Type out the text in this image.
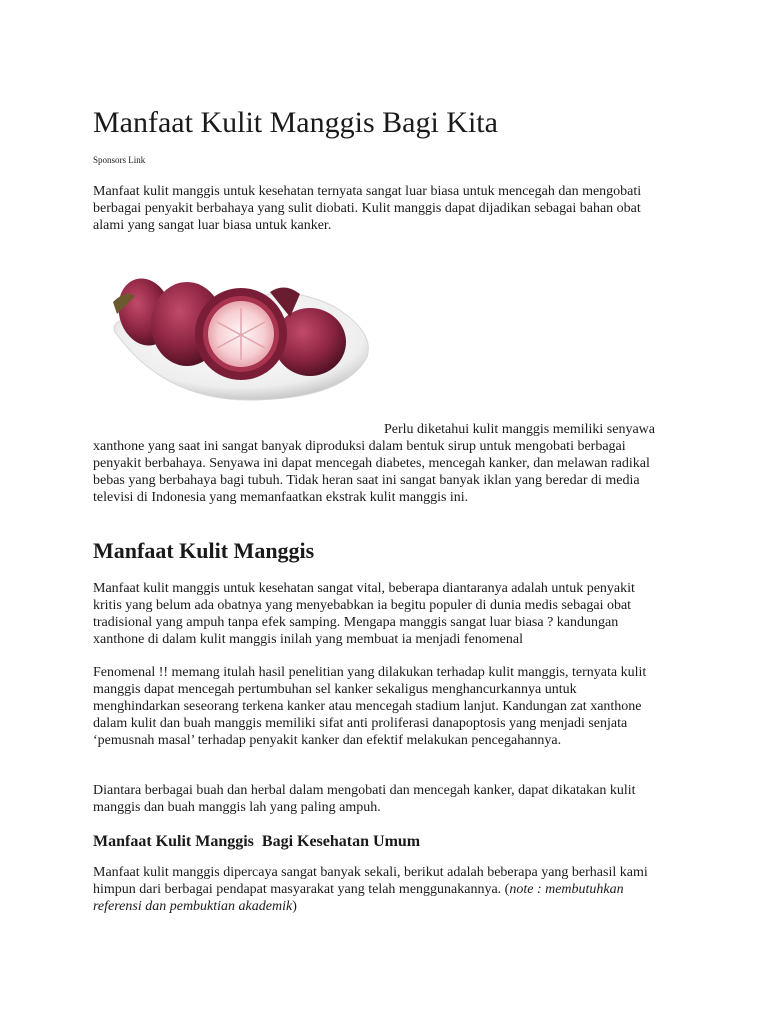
Manfaat Kulit Manggis Bagi Kita
Sponsors Link

Manfaat kulit manggis untuk kesehatan ternyata sangat luar biasa untuk mencegah dan mengobati berbagai penyakit berbahaya yang sulit diobati. Kulit manggis dapat dijadikan sebagai bahan obat alami yang sangat luar biasa untuk kanker.

Perlu diketahui kulit manggis memiliki senyawa xanthone yang saat ini sangat banyak diproduksi dalam bentuk sirup untuk mengobati berbagai penyakit berbahaya. Senyawa ini dapat mencegah diabetes, mencegah kanker, dan melawan radikal bebas yang berbahaya bagi tubuh. Tidak heran saat ini sangat banyak iklan yang beredar di media televisi di Indonesia yang memanfaatkan ekstrak kulit manggis ini.

Manfaat Kulit Manggis

Manfaat kulit manggis untuk kesehatan sangat vital, beberapa diantaranya adalah untuk penyakit kritis yang belum ada obatnya yang menyebabkan ia begitu populer di dunia medis sebagai obat tradisional yang ampuh tanpa efek samping. Mengapa manggis sangat luar biasa ? kandungan xanthone di dalam kulit manggis inilah yang membuat ia menjadi fenomenal

Fenomenal !! memang itulah hasil penelitian yang dilakukan terhadap kulit manggis, ternyata kulit manggis dapat mencegah pertumbuhan sel kanker sekaligus menghancurkannya untuk menghindarkan seseorang terkena kanker atau mencegah stadium lanjut. Kandungan zat xanthone dalam kulit dan buah manggis memiliki sifat anti proliferasi danapoptosis yang menjadi senjata ‘pemusnah masal’ terhadap penyakit kanker dan efektif melakukan pencegahannya.

Diantara berbagai buah dan herbal dalam mengobati dan mencegah kanker, dapat dikatakan kulit manggis dan buah manggis lah yang paling ampuh.

Manfaat Kulit Manggis  Bagi Kesehatan Umum

Manfaat kulit manggis dipercaya sangat banyak sekali, berikut adalah beberapa yang berhasil kami himpun dari berbagai pendapat masyarakat yang telah menggunakannya. (note : membutuhkan referensi dan pembuktian akademik)
